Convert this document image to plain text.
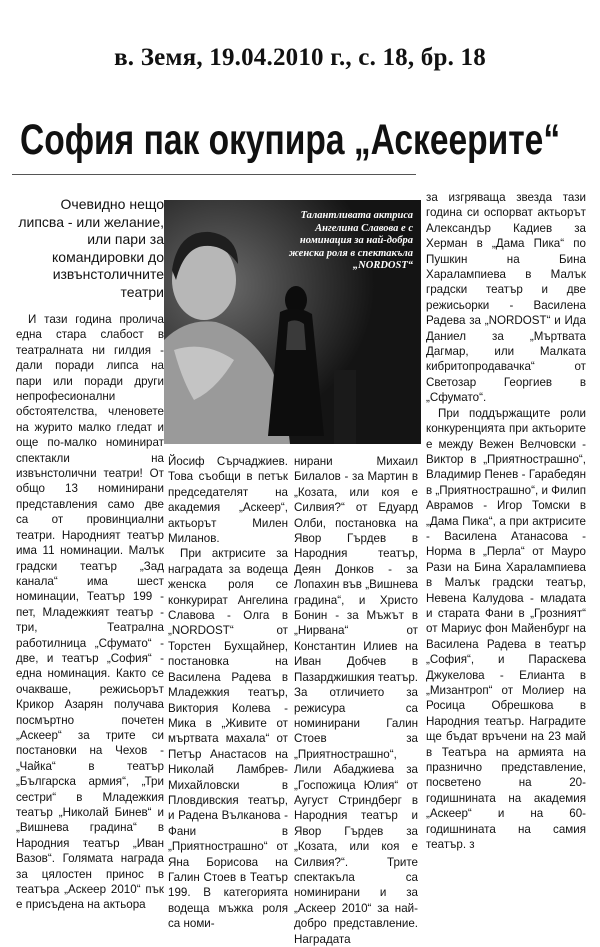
в. Земя, 19.04.2010 г., с. 18, бр. 18
София пак окупира „Аскеерите“
Очевидно нещо липсва - или желание, или пари за командировки до извънстоличните театри
Талантливата актриса Ангелина Славова е с номинация за най-добра женска роля в спектакъла „NORDOST“

И тази година пролича една стара слабост в театралната ни гилдия - дали поради липса на пари или поради други непрофесионални обстоятелства, членовете на журито малко гледат и още по-малко номинират спектакли на извънстолични театри! От общо 13 номинирани представления само две са от провинциални театри. Народният театър има 11 номинации. Малък градски театър „Зад канала“ има шест номинации, Театър 199 - пет, Младежкият театър - три, Театрална работилница „Сфумато“ - две, и театър „София“ - една номинация. Както се очакваше, режисьорът Крикор Азарян получава посмъртно почетен „Аскеер“ за трите си постановки на Чехов - „Чайка“ в театър „Българска армия“, „Три сестри“ в Младежкия театър „Николай Бинев“ и „Вишнева градина“ в Народния театър „Иван Вазов“. Голямата награда за цялостен принос в театъра „Аскеер 2010“ пък е присъдена на актьора

Йосиф Сърчаджиев. Това съобщи в петък председателят на академия „Аскеер“, актьорът Милен Миланов.

При актрисите за наградата за водеща женска роля се конкурират Ангелина Славова - Олга в „NORDOST“ от Торстен Бухщайнер, постановка на Василена Радева в Младежкия театър, Виктория Колева - Мика в „Живите от мъртвата махала“ от Петър Анастасов на Николай Ламбрев-Михайловски в Пловдивския театър, и Радена Вълканова - Фани в „Приятнострашно“ от Яна Борисова на Галин Стоев в Театър 199. В категорията водеща мъжка роля са номи-

нирани Михаил Билалов - за Мартин в „Козата, или коя е Силвия?“ от Едуард Олби, постановка на Явор Гърдев в Народния театър, Деян Донков - за Лопахин във „Вишнева градина“, и Христо Бонин - за Мъжът в „Нирвана“ от Константин Илиев на Иван Добчев в Пазарджишкия театър. За отличието за режисура са номинирани Галин Стоев за „Приятнострашно“, Лили Абаджиева за „Госпожица Юлия“ от Аугуст Стриндберг в Народния театър и Явор Гърдев за „Козата, или коя е Силвия?“. Трите спектакъла са номинирани и за „Аскеер 2010“ за най-добро представление. Наградата

за изгряваща звезда тази година си оспорват актьорът Александър Кадиев за Херман в „Дама Пика“ по Пушкин на Бина Харалампиева в Малък градски театър и две режисьорки - Василена Радева за „NORDOST“ и Ида Даниел за „Мъртвата Дагмар, или Малката кибритопродавачка“ от Светозар Георгиев в „Сфумато“.

При поддържащите роли конкуренцията при актьорите е между Вежен Велчовски - Виктор в „Приятнострашно“, Владимир Пенев - Гарабедян в „Приятнострашно“, и Филип Аврамов - Игор Томски в „Дама Пика“, а при актрисите - Василена Атанасова - Норма в „Перла“ от Мауро Рази на Бина Харалампиева в Малък градски театър, Невена Калудова - младата и старата Фани в „Грозният“ от Мариус фон Майенбург на Василена Радева в театър „София“, и Параскева Джукелова - Елианта в „Мизантроп“ от Молиер на Росица Обрешкова в Народния театър. Наградите ще бъдат връчени на 23 май в Театъра на армията на празнично представление, посветено на 20-годишнината на академия „Аскеер“ и на 60-годишнината на самия театър. з
